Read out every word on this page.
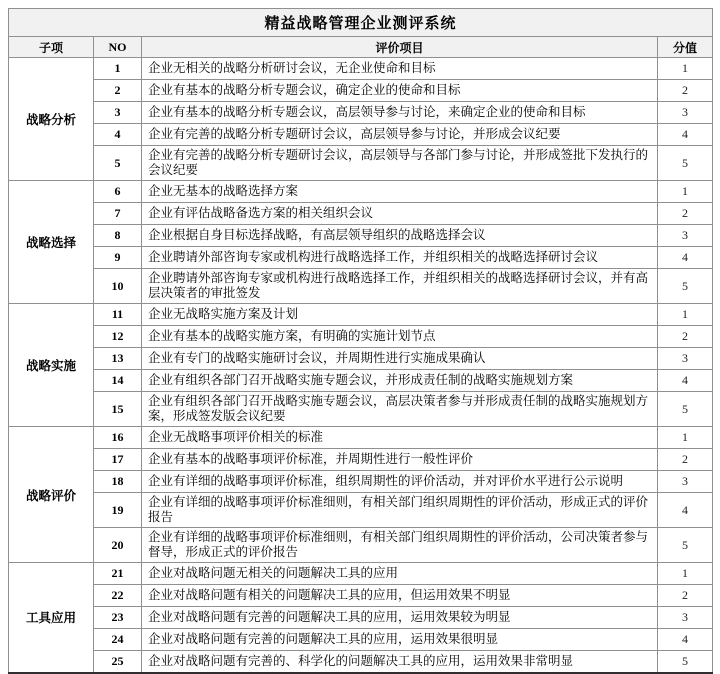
精益战略管理企业测评系统			
子项	NO	评价项目	分值
战略分析	1	企业无相关的战略分析研讨会议，无企业使命和目标	1
	2	企业有基本的战略分析专题会议，确定企业的使命和目标	2
	3	企业有基本的战略分析专题会议，高层领导参与讨论，来确定企业的使命和目标	3
	4	企业有完善的战略分析专题研讨会议，高层领导参与讨论，并形成会议纪要	4
	5	企业有完善的战略分析专题研讨会议，高层领导与各部门参与讨论，并形成签批下发执行的会议纪要	5
战略选择	6	企业无基本的战略选择方案	1
	7	企业有评估战略备选方案的相关组织会议	2
	8	企业根据自身目标选择战略，有高层领导组织的战略选择会议	3
	9	企业聘请外部咨询专家或机构进行战略选择工作，并组织相关的战略选择研讨会议	4
	10	企业聘请外部咨询专家或机构进行战略选择工作，并组织相关的战略选择研讨会议，并有高层决策者的审批签发	5
战略实施	11	企业无战略实施方案及计划	1
	12	企业有基本的战略实施方案，有明确的实施计划节点	2
	13	企业有专门的战略实施研讨会议，并周期性进行实施成果确认	3
	14	企业有组织各部门召开战略实施专题会议，并形成责任制的战略实施规划方案	4
	15	企业有组织各部门召开战略实施专题会议，高层决策者参与并形成责任制的战略实施规划方案，形成签发版会议纪要	5
战略评价	16	企业无战略事项评价相关的标准	1
	17	企业有基本的战略事项评价标准，并周期性进行一般性评价	2
	18	企业有详细的战略事项评价标准，组织周期性的评价活动，并对评价水平进行公示说明	3
	19	企业有详细的战略事项评价标准细则，有相关部门组织周期性的评价活动，形成正式的评价报告	4
	20	企业有详细的战略事项评价标准细则，有相关部门组织周期性的评价活动，公司决策者参与督导，形成正式的评价报告	5
工具应用	21	企业对战略问题无相关的问题解决工具的应用	1
	22	企业对战略问题有相关的问题解决工具的应用，但运用效果不明显	2
	23	企业对战略问题有完善的问题解决工具的应用，运用效果较为明显	3
	24	企业对战略问题有完善的问题解决工具的应用，运用效果很明显	4
	25	企业对战略问题有完善的、科学化的问题解决工具的应用，运用效果非常明显	5
